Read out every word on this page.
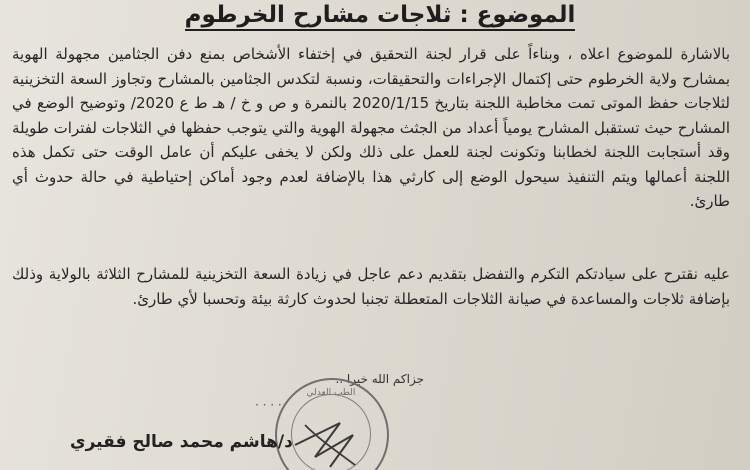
الموضوع : ثلاجات مشارح الخرطوم
بالاشارة للموضوع اعلاه ، وبناءاً على قرار لجنة التحقيق في إختفاء الأشخاص بمنع دفن الجثامين مجهولة الهوية بمشارح ولاية الخرطوم حتى إكتمال الإجراءات والتحقيقات، ونسبة لتكدس الجثامين بالمشارح وتجاوز السعة التخزينية لثلاجات حفظ الموتى تمت مخاطبة اللجنة بتاريخ 2020/1/15 بالنمرة و ص و خ / هـ ط ع 2020/ وتوضيح الوضع في المشارح حيث تستقبل المشارح يومياً أعداد من الجثث مجهولة الهوية والتي يتوجب حفظها في الثلاجات لفترات طويلة وقد أستجابت اللجنة لخطابنا وتكونت لجنة للعمل على ذلك ولكن لا يخفى عليكم أن عامل الوقت حتى تكمل هذه اللجنة أعمالها ويتم التنفيذ سيحول الوضع إلى كارثي هذا بالإضافة لعدم وجود أماكن إحتياطية في حالة حدوث أي طارئ.
عليه نقترح على سيادتكم التكرم والتفضل بتقديم دعم عاجل في زيادة السعة التخزينية للمشارح الثلاثة بالولاية وذلك بإضافة ثلاجات والمساعدة في صيانة الثلاجات المتعطلة تجنبا لحدوث كارثة بيئة وتحسبا لأي طارئ.
· · · ·
جزاكم الله خيرا ..
الطب العدلي
د/هاشم محمد صالح فقيري
